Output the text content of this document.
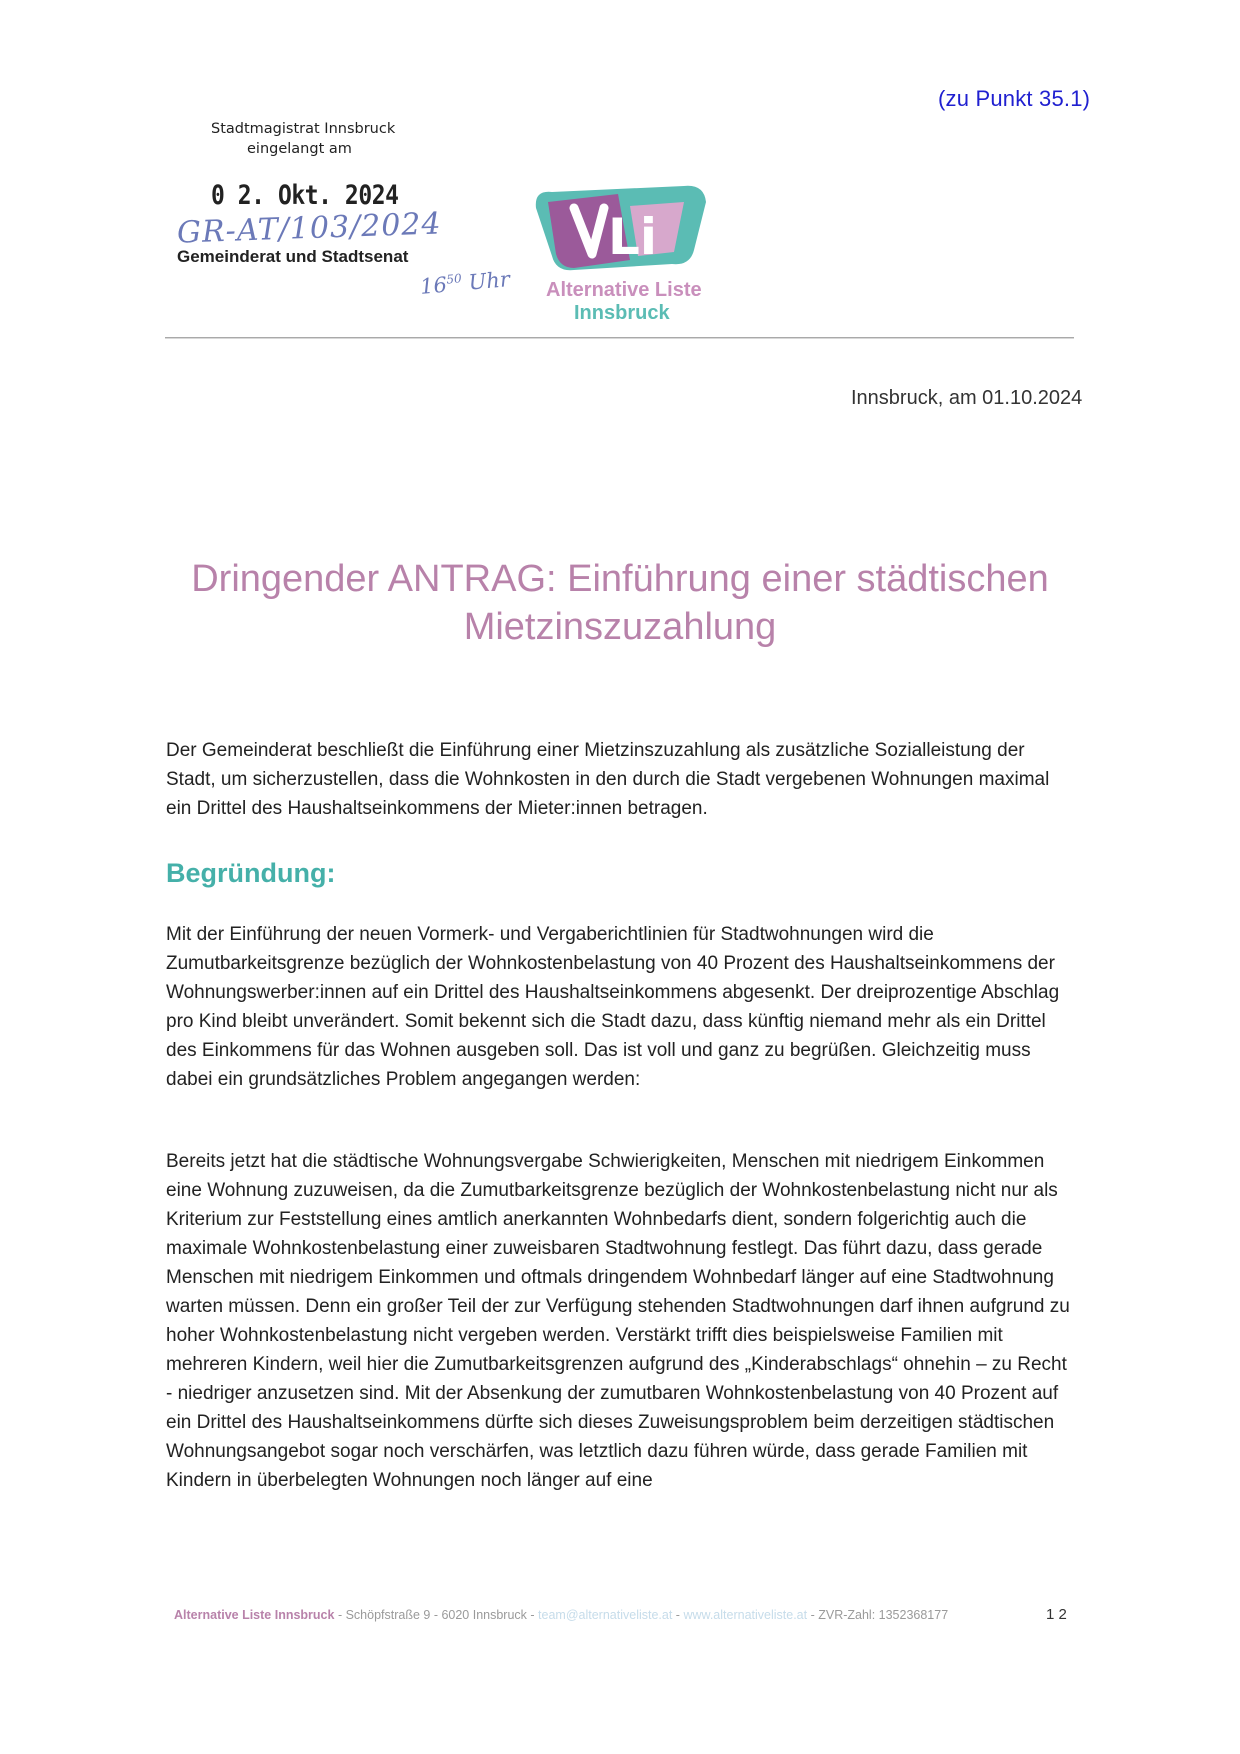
(zu Punkt 35.1)
Stadtmagistrat Innsbruck
eingelangt am
0 2. Okt. 2024
GR-AT/103/2024
Gemeinderat und Stadtsenat
$16^{50}$ Uhr
Li
Alternative Liste
Innsbruck
Innsbruck, am 01.10.2024
Dringender ANTRAG: Einführung einer städtischen
Mietzinszuzahlung

Der Gemeinderat beschließt die Einführung einer Mietzinszuzahlung als zusätzliche Sozialleistung der Stadt, um sicherzustellen, dass die Wohnkosten in den durch die Stadt vergebenen Wohnungen maximal ein Drittel des Haushaltseinkommens der Mieter:innen betragen.

Begründung:

Mit der Einführung der neuen Vormerk- und Vergaberichtlinien für Stadtwohnungen wird die Zumutbarkeitsgrenze bezüglich der Wohnkostenbelastung von 40 Prozent des Haushaltseinkommens der Wohnungswerber:innen auf ein Drittel des Haushaltseinkommens abgesenkt. Der dreiprozentige Abschlag pro Kind bleibt unverändert. Somit bekennt sich die Stadt dazu, dass künftig niemand mehr als ein Drittel des Einkommens für das Wohnen ausgeben soll. Das ist voll und ganz zu begrüßen. Gleichzeitig muss dabei ein grundsätzliches Problem angegangen werden:

Bereits jetzt hat die städtische Wohnungsvergabe Schwierigkeiten, Menschen mit niedrigem Einkommen eine Wohnung zuzuweisen, da die Zumutbarkeitsgrenze bezüglich der Wohnkostenbelastung nicht nur als Kriterium zur Feststellung eines amtlich anerkannten Wohnbedarfs dient, sondern folgerichtig auch die maximale Wohnkostenbelastung einer zuweisbaren Stadtwohnung festlegt. Das führt dazu, dass gerade Menschen mit niedrigem Einkommen und oftmals dringendem Wohnbedarf länger auf eine Stadtwohnung warten müssen. Denn ein großer Teil der zur Verfügung stehenden Stadtwohnungen darf ihnen aufgrund zu hoher Wohnkostenbelastung nicht vergeben werden. Verstärkt trifft dies beispielsweise Familien mit mehreren Kindern, weil hier die Zumutbarkeitsgrenzen aufgrund des „Kinderabschlags“ ohnehin – zu Recht - niedriger anzusetzen sind. Mit der Absenkung der zumutbaren Wohnkostenbelastung von 40 Prozent auf ein Drittel des Haushaltseinkommens dürfte sich dieses Zuweisungsproblem beim derzeitigen städtischen Wohnungsangebot sogar noch verschärfen, was letztlich dazu führen würde, dass gerade Familien mit Kindern in überbelegten Wohnungen noch länger auf eine

Alternative Liste Innsbruck - Schöpfstraße 9 - 6020 Innsbruck - team@alternativeliste.at - www.alternativeliste.at - ZVR-Zahl: 1352368177	1 2
